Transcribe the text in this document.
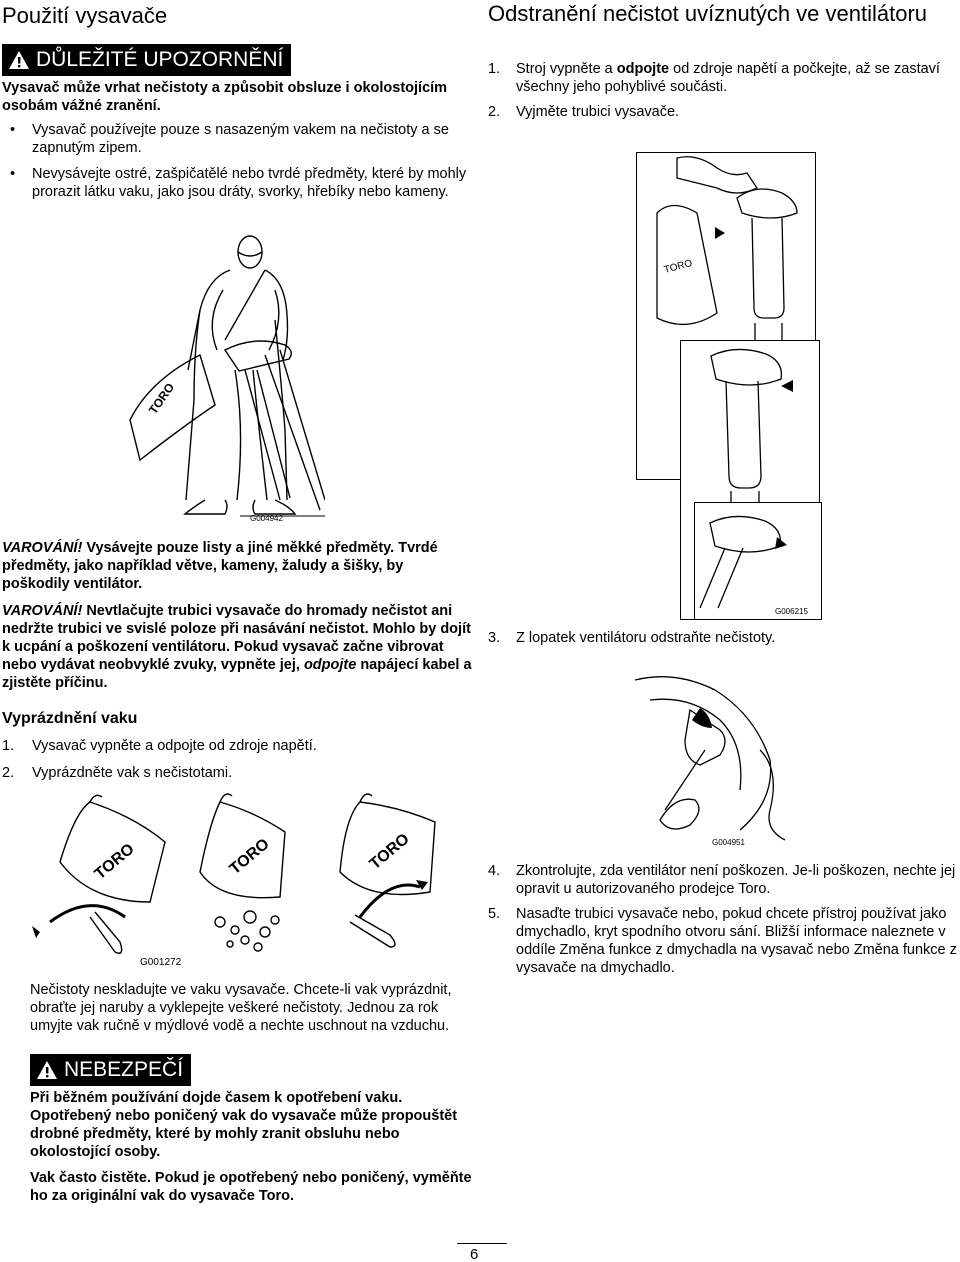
Použití vysavače
DŮLEŽITÉ UPOZORNĚNÍ

Vysavač může vrhat nečistoty a způsobit obsluze i okolostojícím osobám vážné zranění.

• Vysavač používejte pouze s nasazeným vakem na nečistoty a se zapnutým zipem.
• Nevysávejte ostré, zašpičatělé nebo tvrdé předměty, které by mohly prorazit látku vaku, jako jsou dráty, svorky, hřebíky nebo kameny.
TORO
G004942

VAROVÁNÍ! Vysávejte pouze listy a jiné měkké předměty. Tvrdé předměty, jako například větve, kameny, žaludy a šišky, by poškodily ventilátor.

VAROVÁNÍ! Nevtlačujte trubici vysavače do hromady nečistot ani nedržte trubici ve svislé poloze při nasávání nečistot. Mohlo by dojít k ucpání a poškození ventilátoru. Pokud vysavač začne vibrovat nebo vydávat neobvyklé zvuky, vypněte jej, odpojte napájecí kabel a zjistěte příčinu.

Vyprázdnění vaku
1. Vysavač vypněte a odpojte od zdroje napětí.
2. Vyprázdněte vak s nečistotami.
TORO	TORO	TORO
G001272

Nečistoty neskladujte ve vaku vysavače. Chcete-li vak vyprázdnit, obraťte jej naruby a vyklepejte veškeré nečistoty. Jednou za rok umyjte vak ručně v mýdlové vodě a nechte uschnout na vzduchu.

NEBEZPEČÍ

Při běžném používání dojde časem k opotřebení vaku. Opotřebený nebo poničený vak do vysavače může propouštět drobné předměty, které by mohly zranit obsluhu nebo okolostojící osoby.

Vak často čistěte. Pokud je opotřebený nebo poničený, vyměňte ho za originální vak do vysavače Toro.

Odstranění nečistot uvíznutých ve ventilátoru
1.	Stroj vypněte a odpojte od zdroje napětí a počkejte, až se zastaví všechny jeho pohyblivé součásti.

2.	Vyjměte trubici vysavače.

TORO
G006215
3.	Z lopatek ventilátoru odstraňte nečistoty.

G004951
4.	Zkontrolujte, zda ventilátor není poškozen. Je-li poškozen, nechte jej opravit u autorizovaného prodejce Toro.

5.	Nasaďte trubici vysavače nebo, pokud chcete přístroj používat jako dmychadlo, kryt spodního otvoru sání. Bližší informace naleznete v oddíle Změna funkce z dmychadla na vysavač nebo Změna funkce z vysavače na dmychadlo.

6
